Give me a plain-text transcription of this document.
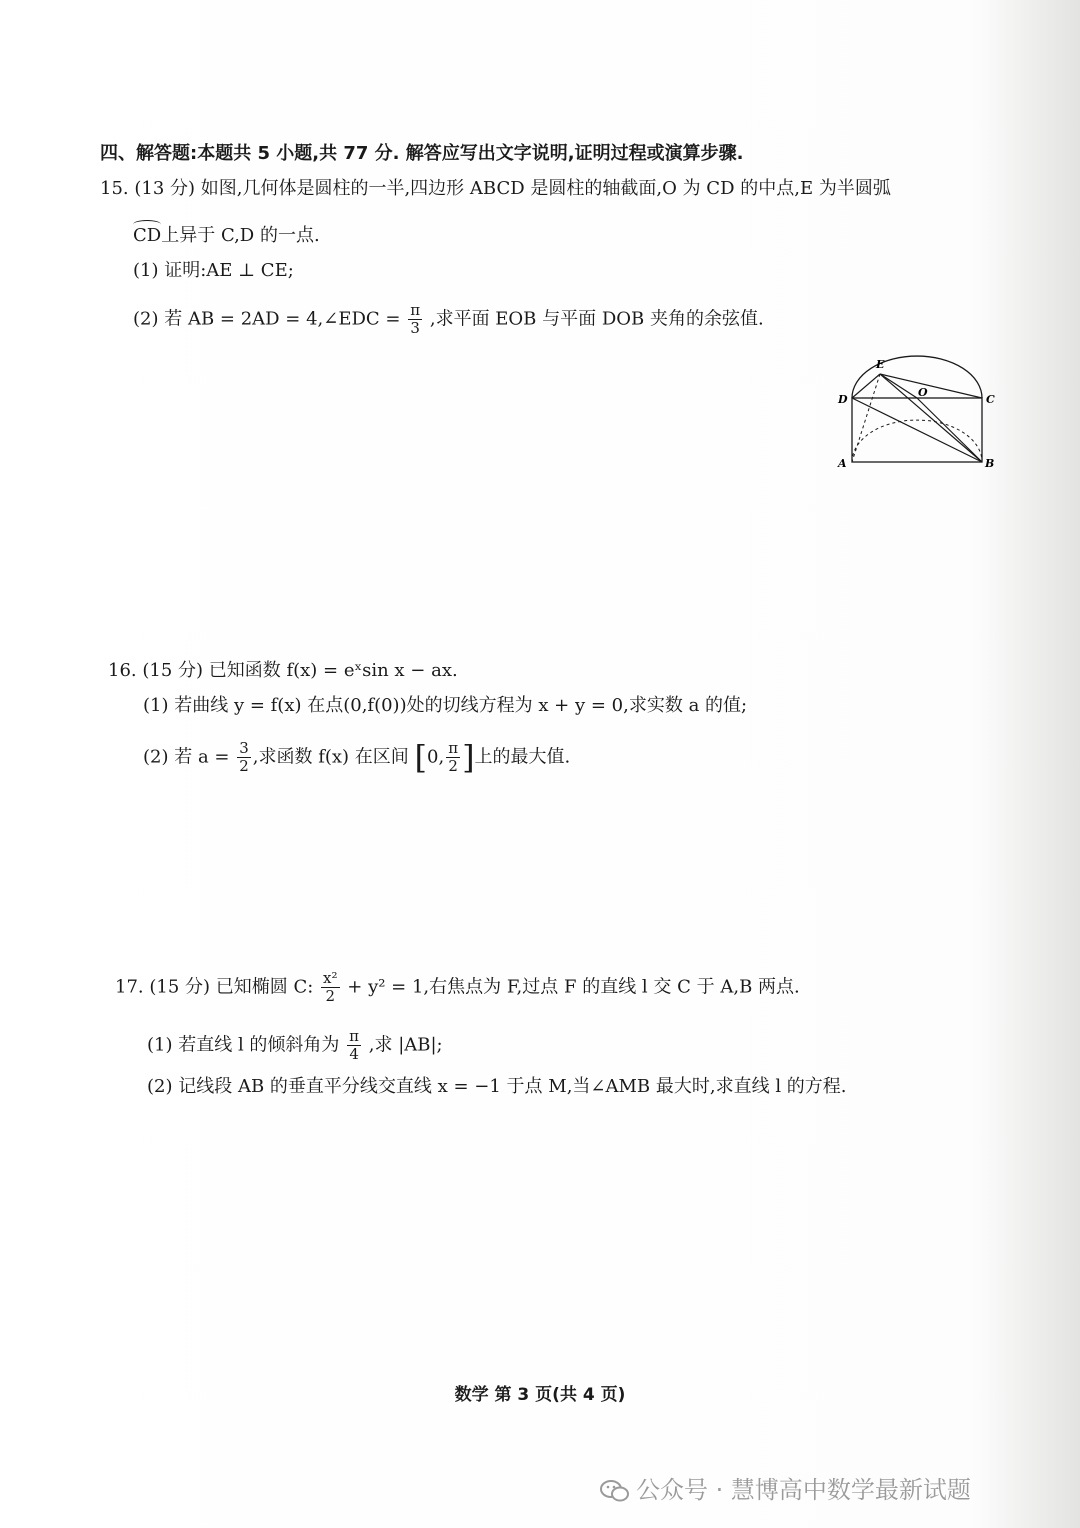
四、解答题:本题共 5 小题,共 77 分. 解答应写出文字说明,证明过程或演算步骤.
15. (13 分) 如图,几何体是圆柱的一半,四边形 ABCD 是圆柱的轴截面,O 为 CD 的中点,E 为半圆弧
CD上异于 C,D 的一点.
(1) 证明:AE ⊥ CE;
(2) 若 AB = 2AD = 4,∠EDC = $\frac{\pi}{3}$ ,求平面 EOB 与平面 DOB 夹角的余弦值.
E
D
O
C
A	B
16. (15 分) 已知函数 f(x) = eˣsin x − ax.
(1) 若曲线 y = f(x) 在点(0,f(0))处的切线方程为 x + y = 0,求实数 a 的值;
(2) 若 $a = \frac{3}{2}$ ,求函数 f(x) 在区间 [0, $\frac{\pi}{2}$ ]上的最大值.
17. (15 分) 已知椭圆 C: $\frac{\text{x²}}{2} + y^2 = 1$,右焦点为 F,过点 F 的直线 l 交 C 于 A,B 两点.
(1) 若直线 l 的倾斜角为 $\frac{\pi}{4}$ ,求 |AB|;
(2) 记线段 AB 的垂直平分线交直线 x = −1 于点 M,当∠AMB 最大时,求直线 l 的方程.
数学 第 3 页(共 4 页)
公众号 · 慧博高中数学最新试题
